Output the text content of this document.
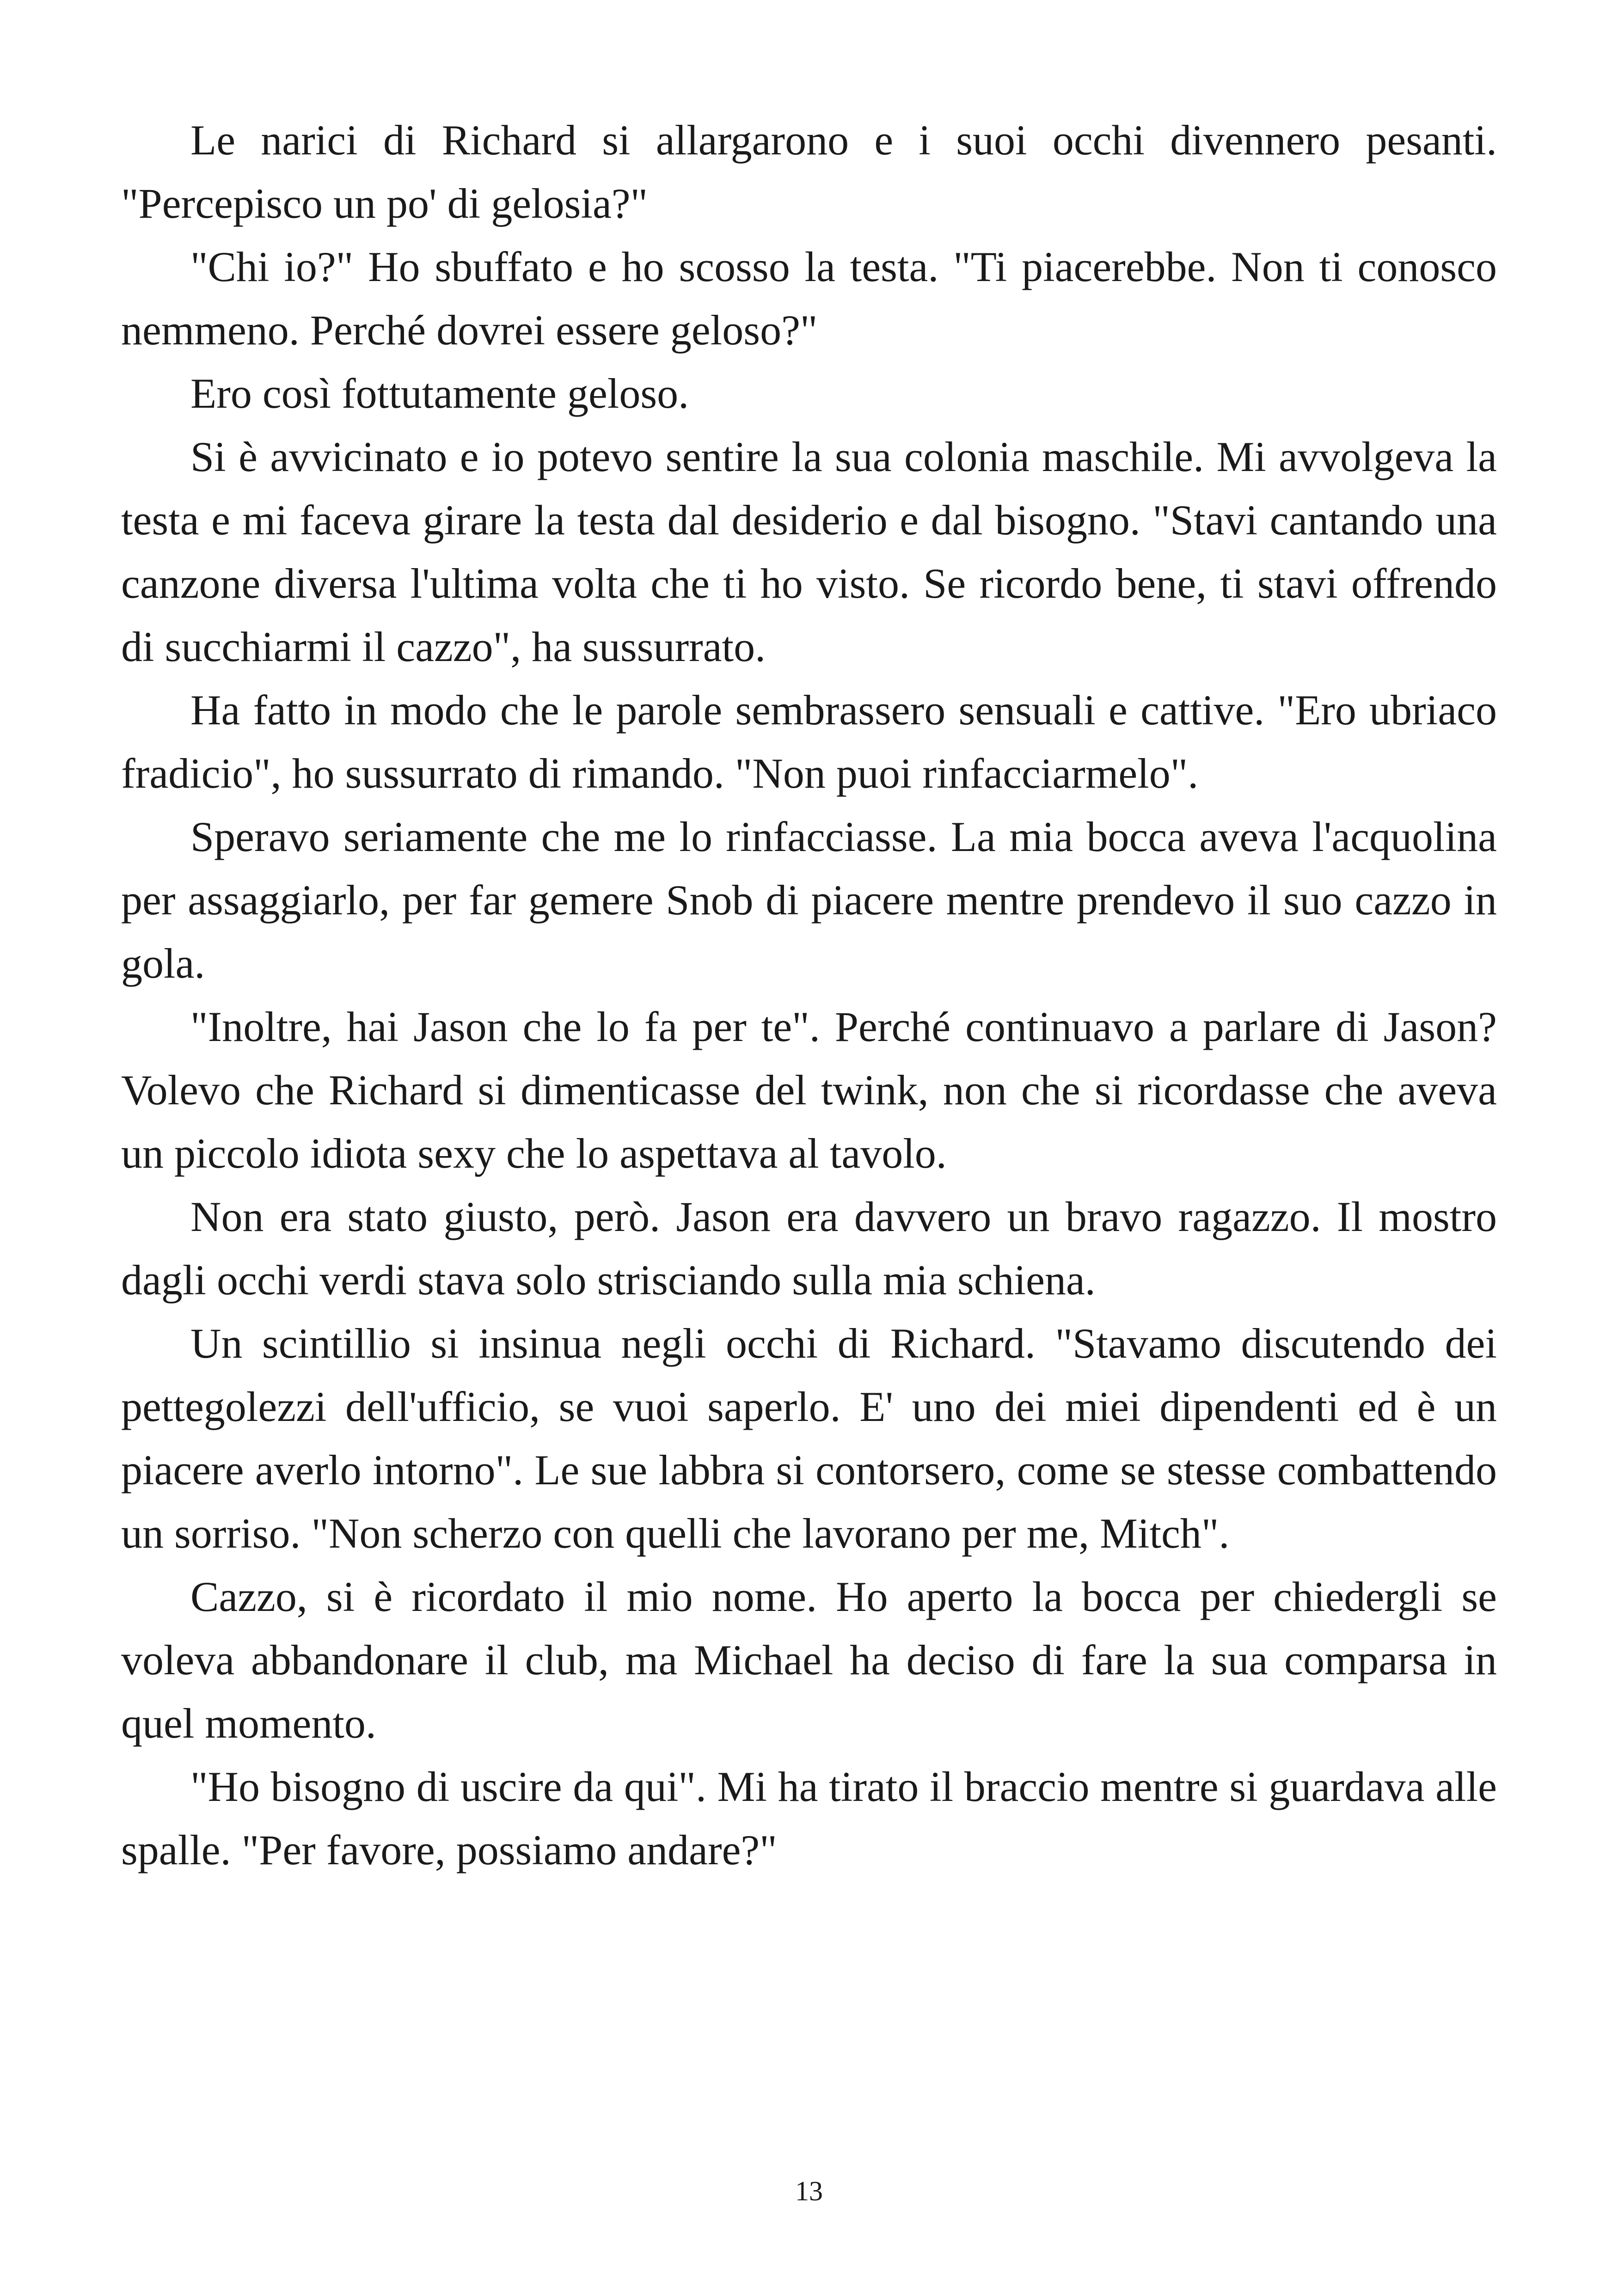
Le narici di Richard si allargarono e i suoi occhi divennero pesanti. "Percepisco un po' di gelosia?"

"Chi io?" Ho sbuffato e ho scosso la testa. "Ti piacerebbe. Non ti conosco nemmeno. Perché dovrei essere geloso?"

Ero così fottutamente geloso.

Si è avvicinato e io potevo sentire la sua colonia maschile. Mi avvolgeva la testa e mi faceva girare la testa dal desiderio e dal bisogno. "Stavi cantando una canzone diversa l'ultima volta che ti ho visto. Se ricordo bene, ti stavi offrendo di succhiarmi il cazzo", ha sussurrato.

Ha fatto in modo che le parole sembrassero sensuali e cattive. "Ero ubriaco fradicio", ho sussurrato di rimando. "Non puoi rinfacciarmelo".

Speravo seriamente che me lo rinfacciasse. La mia bocca aveva l'acquolina per assaggiarlo, per far gemere Snob di piacere mentre prendevo il suo cazzo in gola.

"Inoltre, hai Jason che lo fa per te". Perché continuavo a parlare di Jason? Volevo che Richard si dimenticasse del twink, non che si ricordasse che aveva un piccolo idiota sexy che lo aspettava al tavolo.

Non era stato giusto, però. Jason era davvero un bravo ragazzo. Il mostro dagli occhi verdi stava solo strisciando sulla mia schiena.

Un scintillio si insinua negli occhi di Richard. "Stavamo discutendo dei pettegolezzi dell'ufficio, se vuoi saperlo. E' uno dei miei dipendenti ed è un piacere averlo intorno". Le sue labbra si contorsero, come se stesse combattendo un sorriso. "Non scherzo con quelli che lavorano per me, Mitch".

Cazzo, si è ricordato il mio nome. Ho aperto la bocca per chiedergli se voleva abbandonare il club, ma Michael ha deciso di fare la sua comparsa in quel momento.

"Ho bisogno di uscire da qui". Mi ha tirato il braccio mentre si guardava alle spalle. "Per favore, possiamo andare?"

13
